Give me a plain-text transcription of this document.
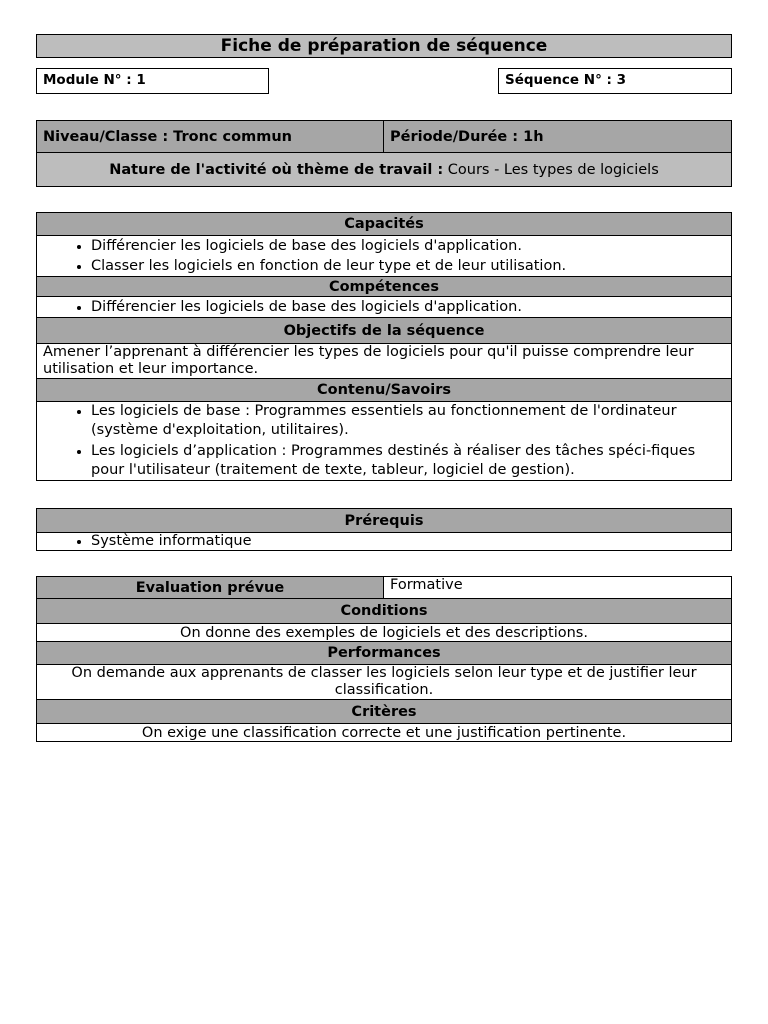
Fiche de préparation de séquence
Module N° : 1	Séquence N° : 3
Niveau/Classe : Tronc commun	Période/Durée : 1h
Nature de l'activité où thème de travail : Cours - Les types de logiciels
Capacités

• Différencier les logiciels de base des logiciels d'application.
• Classer les logiciels en fonction de leur type et de leur utilisation.

Compétences

• Différencier les logiciels de base des logiciels d'application.

Objectifs de la séquence
Amener l’apprenant à différencier les types de logiciels pour qu'il puisse comprendre leur utilisation et leur importance.
Contenu/Savoirs

• Les logiciels de base : Programmes essentiels au fonctionnement de l'ordinateur (système d'exploitation, utilitaires).
• Les logiciels d’application : Programmes destinés à réaliser des tâches spéci-fiques pour l'utilisateur (traitement de texte, tableur, logiciel de gestion).
Prérequis

• Système informatique
Evaluation prévue	Formative
Conditions
On donne des exemples de logiciels et des descriptions.
Performances
On demande aux apprenants de classer les logiciels selon leur type et de justifier leur classification.
Critères
On exige une classification correcte et une justification pertinente.
